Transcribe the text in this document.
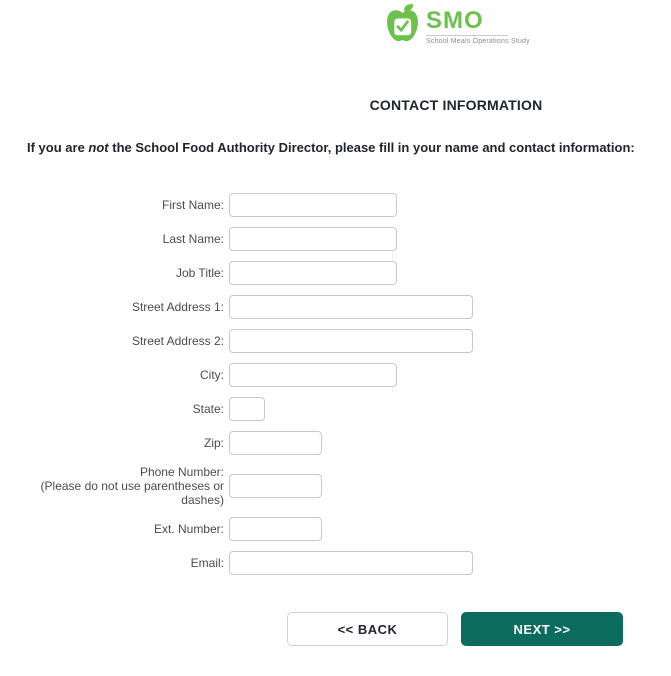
SMO
School Meals Operations Study
CONTACT INFORMATION
If you are not the School Food Authority Director, please fill in your name and contact information:
First Name:
Last Name:
Job Title:
Street Address 1:
Street Address 2:
City:
State:
Zip:
Phone Number:
(Please do not use parentheses or dashes)
Ext. Number:
Email:
<< BACK	NEXT >>
